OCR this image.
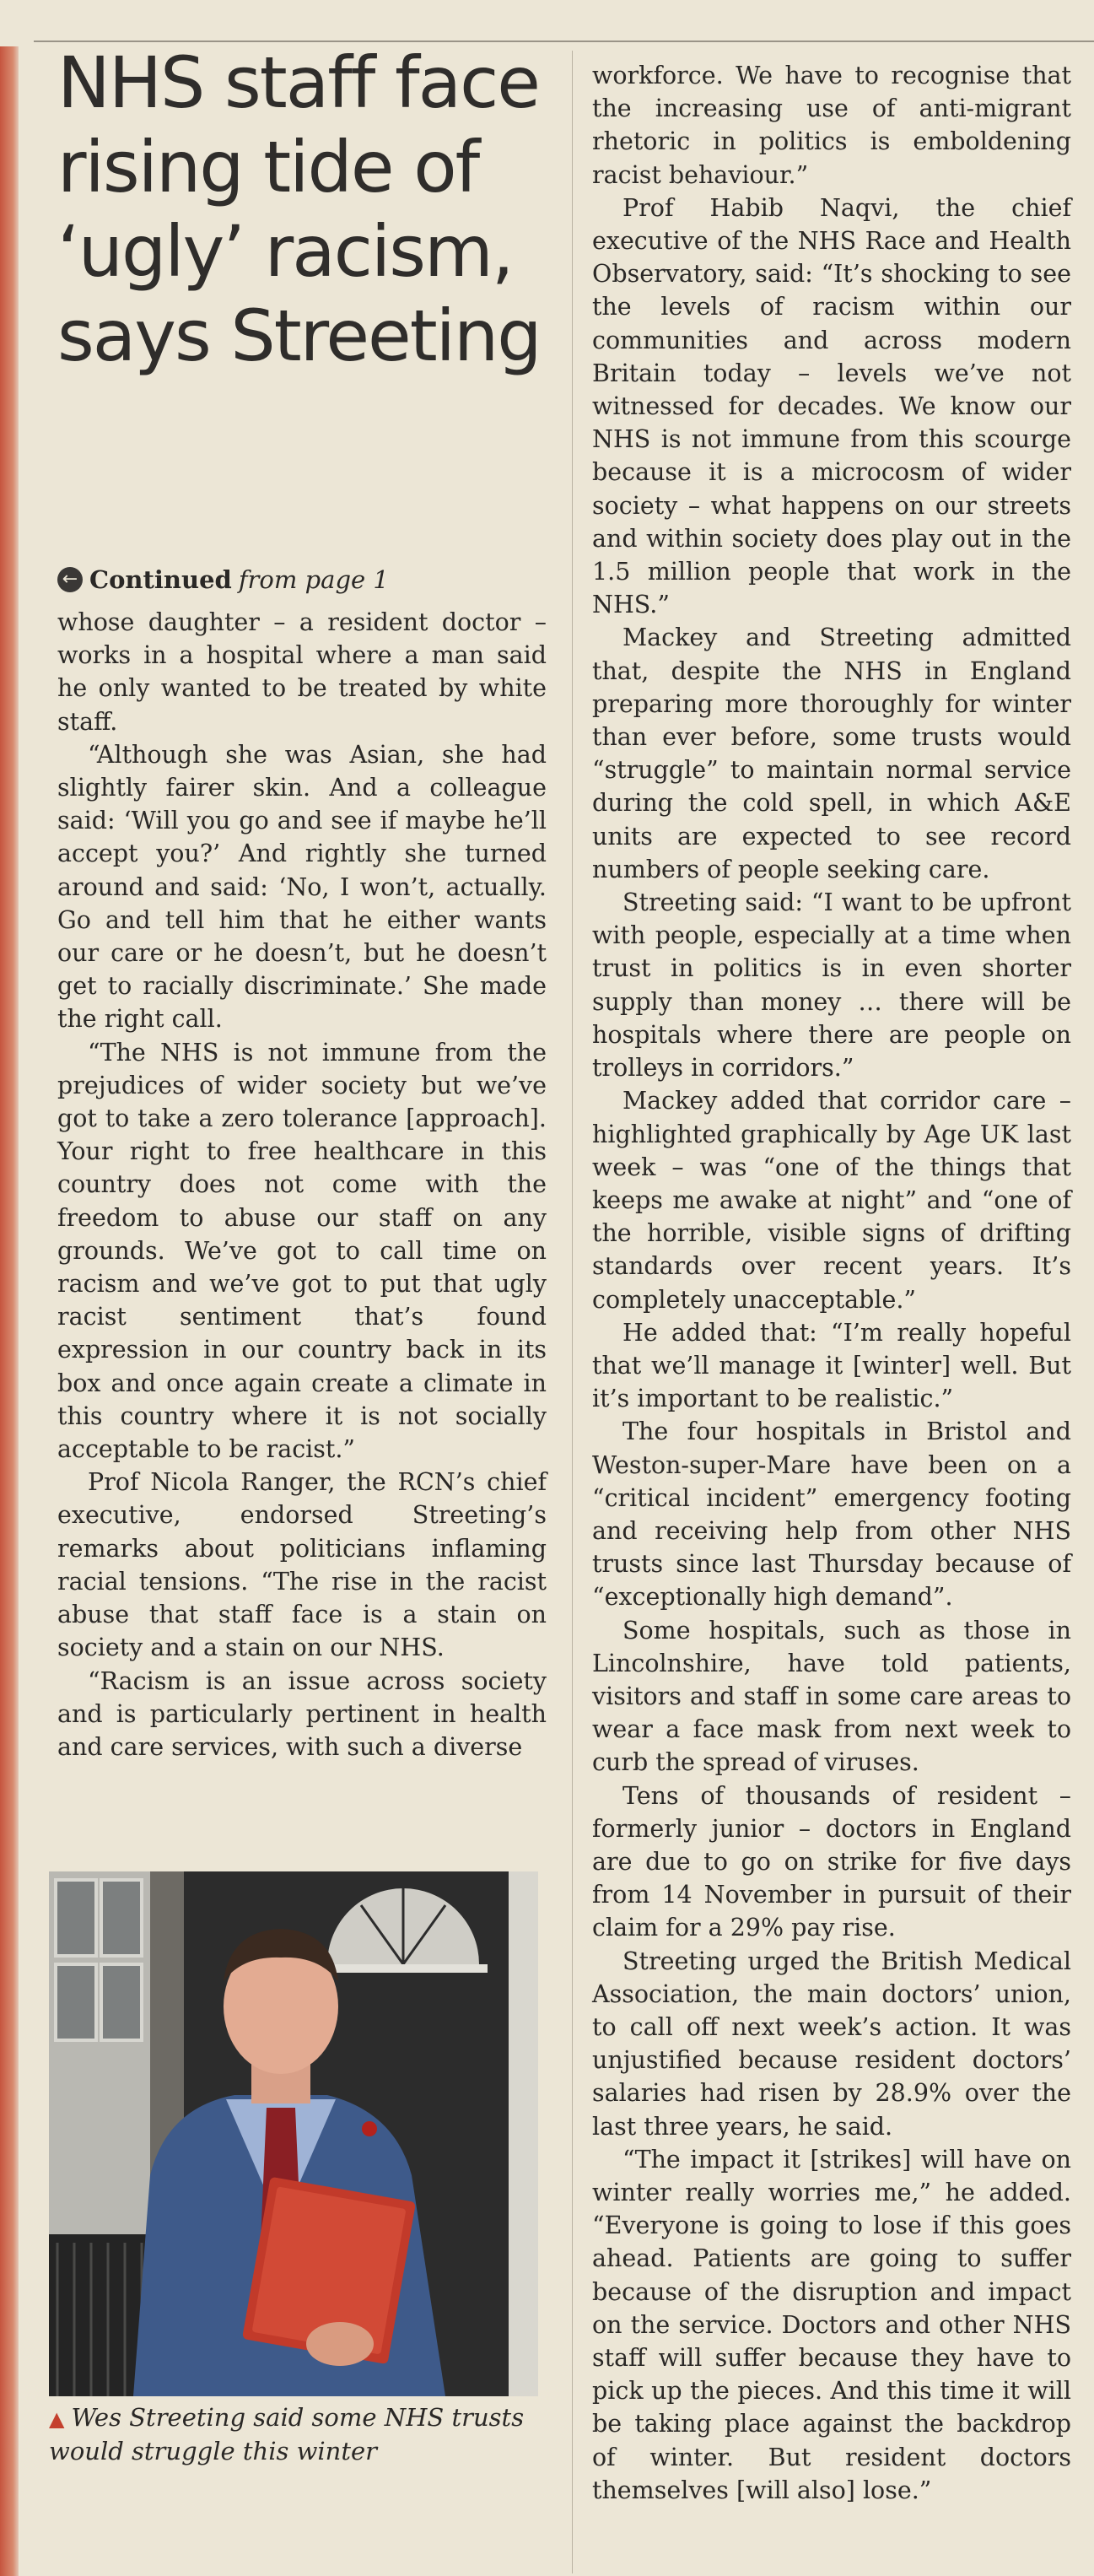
NHS staff face rising tide of ‘ugly’ racism, says Streeting
← Continued from page 1

whose daughter – a resident doctor – works in a hospital where a man said he only wanted to be treated by white staff.

“Although she was Asian, she had slightly fairer skin. And a colleague said: ‘Will you go and see if maybe he’ll accept you?’ And rightly she turned around and said: ‘No, I won’t, actually. Go and tell him that he either wants our care or he doesn’t, but he doesn’t get to racially discriminate.’ She made the right call.

“The NHS is not immune from the prejudices of wider society but we’ve got to take a zero tolerance [approach]. Your right to free healthcare in this country does not come with the freedom to abuse our staff on any grounds. We’ve got to call time on racism and we’ve got to put that ugly racist sentiment that’s found expression in our country back in its box and once again create a climate in this country where it is not socially acceptable to be racist.”

Prof Nicola Ranger, the RCN’s chief executive, endorsed Streeting’s remarks about politicians inflaming racial tensions. “The rise in the racist abuse that staff face is a stain on society and a stain on our NHS.

“Racism is an issue across society and is particularly pertinent in health and care services, with such a diverse

▲ Wes Streeting said some NHS trusts would struggle this winter

workforce. We have to recognise that the increasing use of anti-migrant rhetoric in politics is emboldening racist behaviour.”

Prof Habib Naqvi, the chief executive of the NHS Race and Health Observatory, said: “It’s shocking to see the levels of racism within our communities and across modern Britain today – levels we’ve not witnessed for decades. We know our NHS is not immune from this scourge because it is a microcosm of wider society – what happens on our streets and within society does play out in the 1.5 million people that work in the NHS.”

Mackey and Streeting admitted that, despite the NHS in England preparing more thoroughly for winter than ever before, some trusts would “struggle” to maintain normal service during the cold spell, in which A&E units are expected to see record numbers of people seeking care.

Streeting said: “I want to be upfront with people, especially at a time when trust in politics is in even shorter supply than money … there will be hospitals where there are people on trolleys in corridors.”

Mackey added that corridor care – highlighted graphically by Age UK last week – was “one of the things that keeps me awake at night” and “one of the horrible, visible signs of drifting standards over recent years. It’s completely unacceptable.”

He added that: “I’m really hopeful that we’ll manage it [winter] well. But it’s important to be realistic.”

The four hospitals in Bristol and Weston-super-Mare have been on a “critical incident” emergency footing and receiving help from other NHS trusts since last Thursday because of “exceptionally high demand”.

Some hospitals, such as those in Lincolnshire, have told patients, visitors and staff in some care areas to wear a face mask from next week to curb the spread of viruses.

Tens of thousands of resident – formerly junior – doctors in England are due to go on strike for five days from 14 November in pursuit of their claim for a 29% pay rise.

Streeting urged the British Medical Association, the main doctors’ union, to call off next week’s action. It was unjustified because resident doctors’ salaries had risen by 28.9% over the last three years, he said.

“The impact it [strikes] will have on winter really worries me,” he added. “Everyone is going to lose if this goes ahead. Patients are going to suffer because of the disruption and impact on the service. Doctors and other NHS staff will suffer because they have to pick up the pieces. And this time it will be taking place against the backdrop of winter. But resident doctors themselves [will also] lose.”
